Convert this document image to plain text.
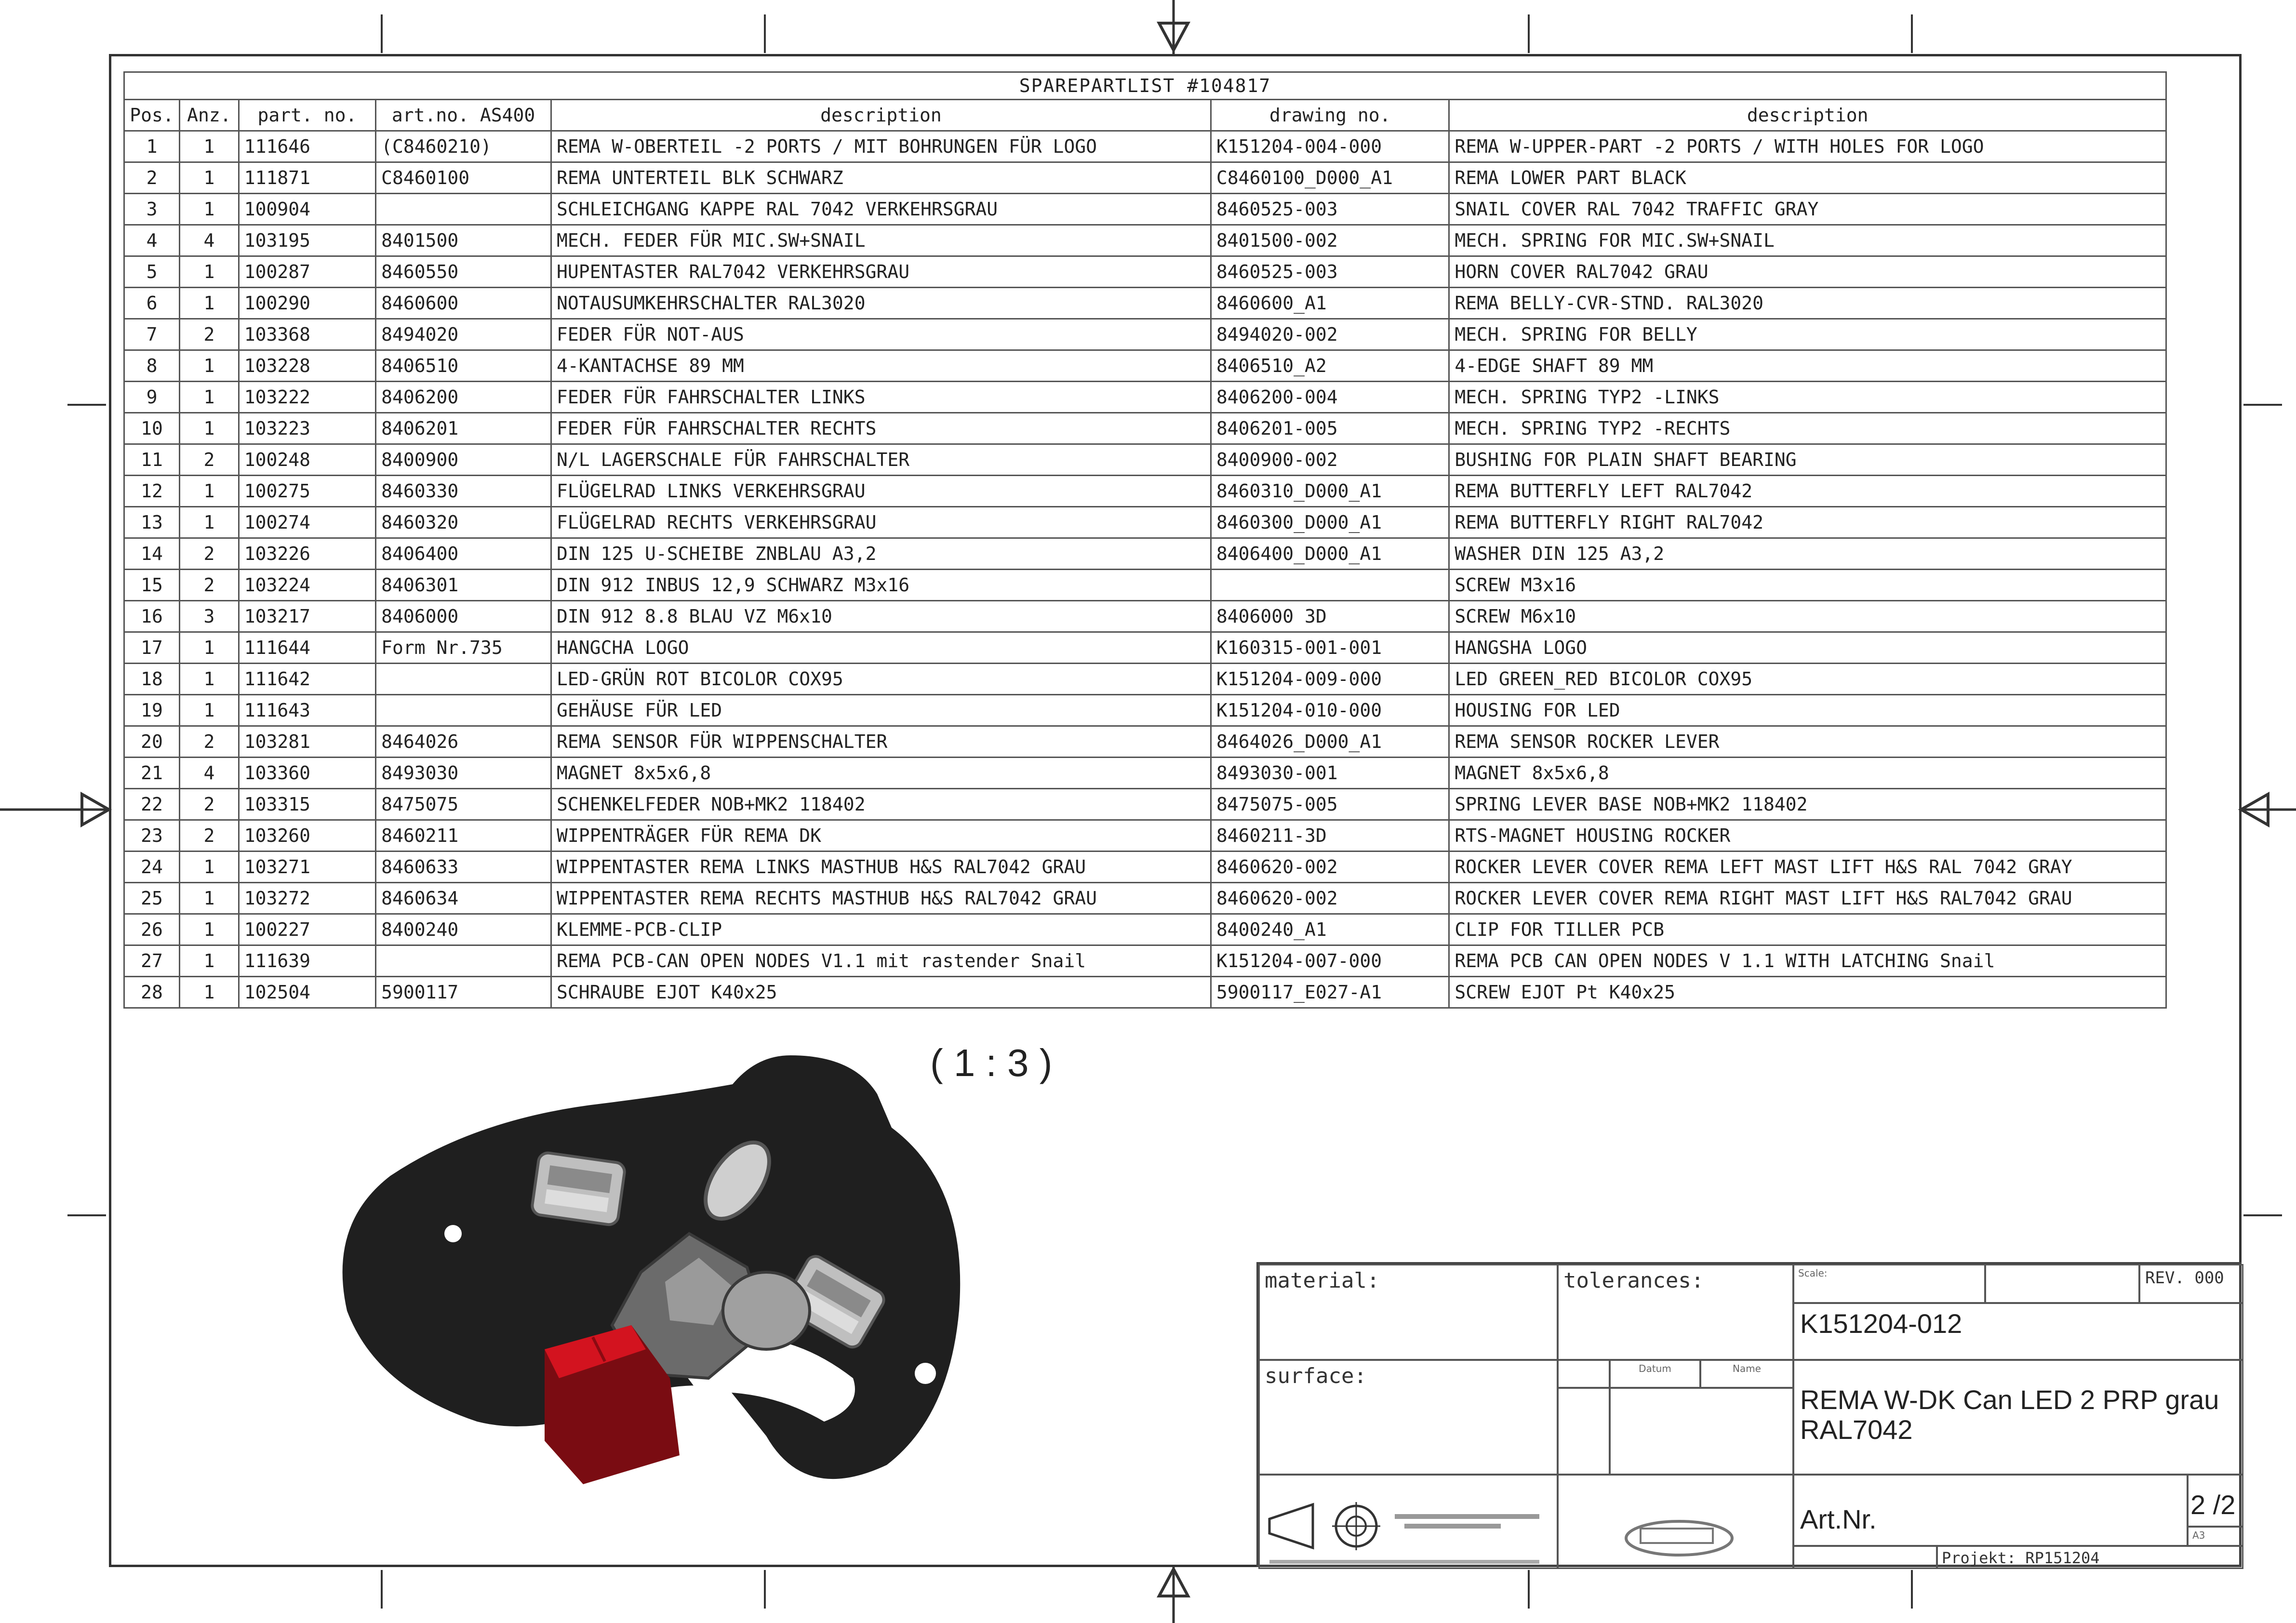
SPAREPARTLIST #104817						
Pos.	Anz.	part. no.	art.no. AS400	description	drawing no.	description
1	1	111646	(C8460210)	REMA W-OBERTEIL -2 PORTS / MIT BOHRUNGEN FÜR LOGO	K151204-004-000	REMA W-UPPER-PART -2 PORTS / WITH HOLES FOR LOGO
2	1	111871	C8460100	REMA UNTERTEIL BLK SCHWARZ	C8460100_D000_A1	REMA LOWER PART BLACK
3	1	100904		SCHLEICHGANG KAPPE RAL 7042 VERKEHRSGRAU	8460525-003	SNAIL COVER RAL 7042 TRAFFIC GRAY
4	4	103195	8401500	MECH. FEDER FÜR MIC.SW+SNAIL	8401500-002	MECH. SPRING FOR MIC.SW+SNAIL
5	1	100287	8460550	HUPENTASTER RAL7042 VERKEHRSGRAU	8460525-003	HORN COVER RAL7042 GRAU
6	1	100290	8460600	NOTAUSUMKEHRSCHALTER RAL3020	8460600_A1	REMA BELLY-CVR-STND. RAL3020
7	2	103368	8494020	FEDER FÜR NOT-AUS	8494020-002	MECH. SPRING FOR BELLY
8	1	103228	8406510	4-KANTACHSE 89 MM	8406510_A2	4-EDGE SHAFT 89 MM
9	1	103222	8406200	FEDER FÜR FAHRSCHALTER LINKS	8406200-004	MECH. SPRING TYP2 -LINKS
10	1	103223	8406201	FEDER FÜR FAHRSCHALTER RECHTS	8406201-005	MECH. SPRING TYP2 -RECHTS
11	2	100248	8400900	N/L LAGERSCHALE FÜR FAHRSCHALTER	8400900-002	BUSHING FOR PLAIN SHAFT BEARING
12	1	100275	8460330	FLÜGELRAD LINKS VERKEHRSGRAU	8460310_D000_A1	REMA BUTTERFLY LEFT RAL7042
13	1	100274	8460320	FLÜGELRAD RECHTS VERKEHRSGRAU	8460300_D000_A1	REMA BUTTERFLY RIGHT RAL7042
14	2	103226	8406400	DIN 125 U-SCHEIBE ZNBLAU A3,2	8406400_D000_A1	WASHER DIN 125 A3,2
15	2	103224	8406301	DIN 912 INBUS 12,9 SCHWARZ M3x16		SCREW M3x16
16	3	103217	8406000	DIN 912 8.8 BLAU VZ M6x10	8406000 3D	SCREW M6x10
17	1	111644	Form Nr.735	HANGCHA LOGO	K160315-001-001	HANGSHA LOGO
18	1	111642		LED-GRÜN ROT BICOLOR COX95	K151204-009-000	LED GREEN_RED BICOLOR COX95
19	1	111643		GEHÄUSE FÜR LED	K151204-010-000	HOUSING FOR LED
20	2	103281	8464026	REMA SENSOR FÜR WIPPENSCHALTER	8464026_D000_A1	REMA SENSOR ROCKER LEVER
21	4	103360	8493030	MAGNET 8x5x6,8	8493030-001	MAGNET 8x5x6,8
22	2	103315	8475075	SCHENKELFEDER NOB+MK2 118402	8475075-005	SPRING LEVER BASE NOB+MK2 118402
23	2	103260	8460211	WIPPENTRÄGER FÜR REMA DK	8460211-3D	RTS-MAGNET HOUSING ROCKER
24	1	103271	8460633	WIPPENTASTER REMA LINKS MASTHUB H&S RAL7042 GRAU	8460620-002	ROCKER LEVER COVER REMA LEFT MAST LIFT H&S RAL 7042 GRAY
25	1	103272	8460634	WIPPENTASTER REMA RECHTS MASTHUB H&S RAL7042 GRAU	8460620-002	ROCKER LEVER COVER REMA RIGHT MAST LIFT H&S RAL7042 GRAU
26	1	100227	8400240	KLEMME-PCB-CLIP	8400240_A1	CLIP FOR TILLER PCB
27	1	111639		REMA PCB-CAN OPEN NODES V1.1 mit rastender Snail	K151204-007-000	REMA PCB CAN OPEN NODES V 1.1 WITH LATCHING Snail
28	1	102504	5900117	SCHRAUBE EJOT K40x25	5900117_E027-A1	SCREW EJOT Pt K40x25
( 1 : 3 )
material:	tolerances:	Scale:	REV. 000
K151204-012
surface:	Datum	Name
REMA W-DK Can LED 2 PRP grau RAL7042
Art.Nr.	2 /2
A3
Projekt: RP151204
